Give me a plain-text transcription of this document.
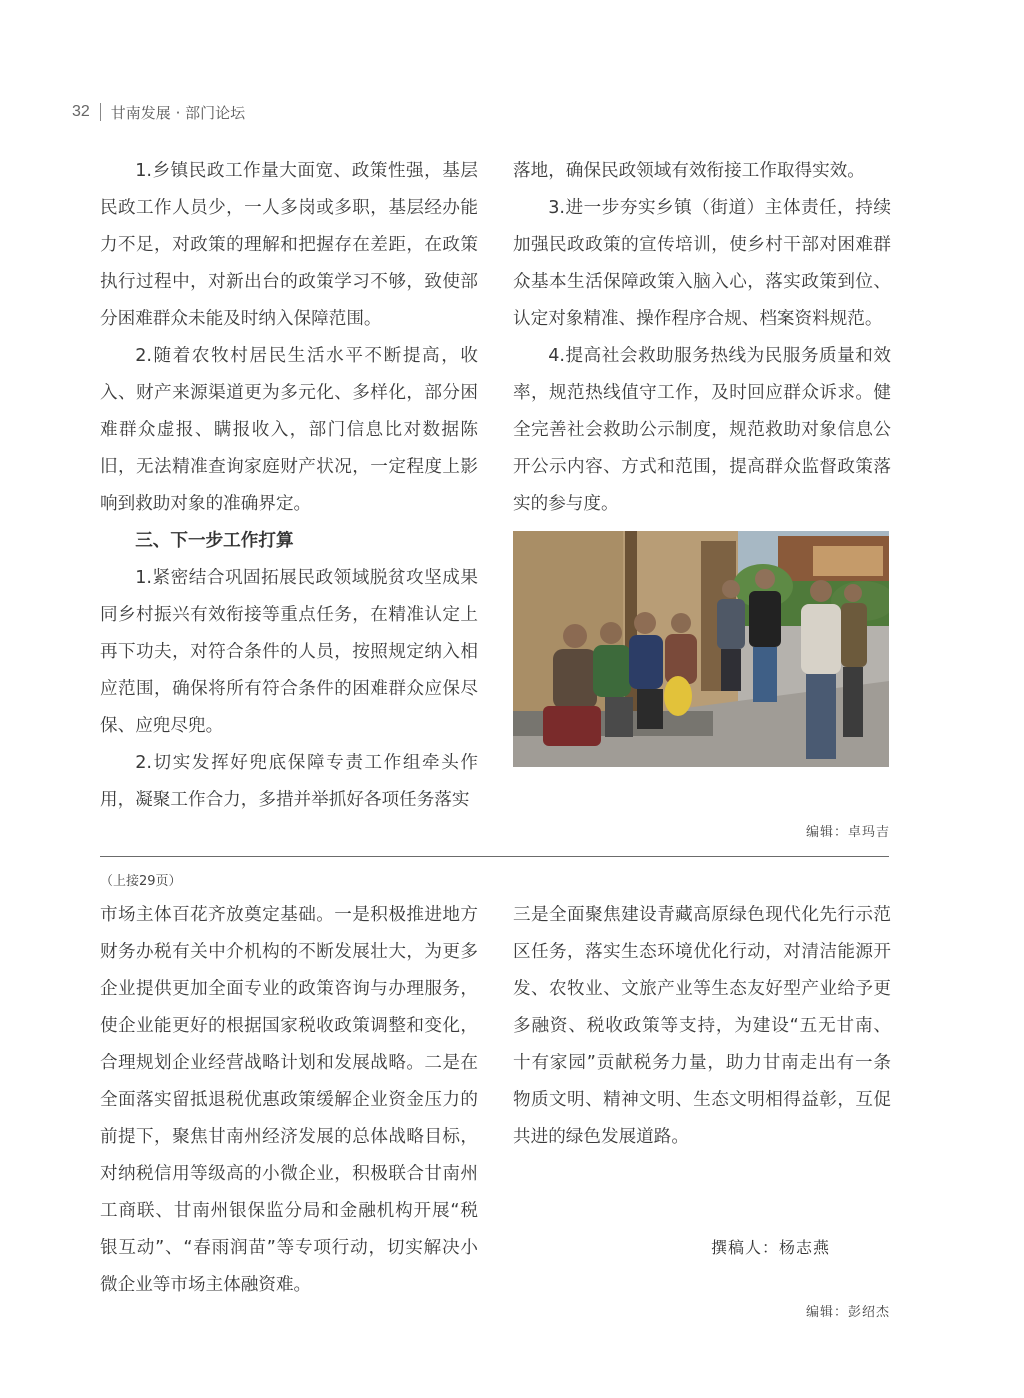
32 甘南发展 · 部门论坛

1.乡镇民政工作量大面宽、政策性强，基层民政工作人员少，一人多岗或多职，基层经办能力不足，对政策的理解和把握存在差距，在政策执行过程中，对新出台的政策学习不够，致使部分困难群众未能及时纳入保障范围。

2.随着农牧村居民生活水平不断提高，收入、财产来源渠道更为多元化、多样化，部分困难群众虚报、瞒报收入，部门信息比对数据陈旧，无法精准查询家庭财产状况，一定程度上影响到救助对象的准确界定。

三、下一步工作打算

1.紧密结合巩固拓展民政领域脱贫攻坚成果同乡村振兴有效衔接等重点任务，在精准认定上再下功夫，对符合条件的人员，按照规定纳入相应范围，确保将所有符合条件的困难群众应保尽保、应兜尽兜。

2.切实发挥好兜底保障专责工作组牵头作用，凝聚工作合力，多措并举抓好各项任务落实

落地，确保民政领域有效衔接工作取得实效。

3.进一步夯实乡镇（街道）主体责任，持续加强民政政策的宣传培训，使乡村干部对困难群众基本生活保障政策入脑入心，落实政策到位、认定对象精准、操作程序合规、档案资料规范。

4.提高社会救助服务热线为民服务质量和效率，规范热线值守工作，及时回应群众诉求。健全完善社会救助公示制度，规范救助对象信息公开公示内容、方式和范围，提高群众监督政策落实的参与度。

编辑：卓玛吉
（上接29页）

市场主体百花齐放奠定基础。一是积极推进地方财务办税有关中介机构的不断发展壮大，为更多企业提供更加全面专业的政策咨询与办理服务，使企业能更好的根据国家税收政策调整和变化，合理规划企业经营战略计划和发展战略。二是在全面落实留抵退税优惠政策缓解企业资金压力的前提下，聚焦甘南州经济发展的总体战略目标，对纳税信用等级高的小微企业，积极联合甘南州工商联、甘南州银保监分局和金融机构开展“税银互动”、“春雨润苗”等专项行动，切实解决小微企业等市场主体融资难。

三是全面聚焦建设青藏高原绿色现代化先行示范区任务，落实生态环境优化行动，对清洁能源开发、农牧业、文旅产业等生态友好型产业给予更多融资、税收政策等支持，为建设“五无甘南、十有家园”贡献税务力量，助力甘南走出有一条物质文明、精神文明、生态文明相得益彰，互促共进的绿色发展道路。

撰稿人：杨志燕
编辑：彭绍杰
